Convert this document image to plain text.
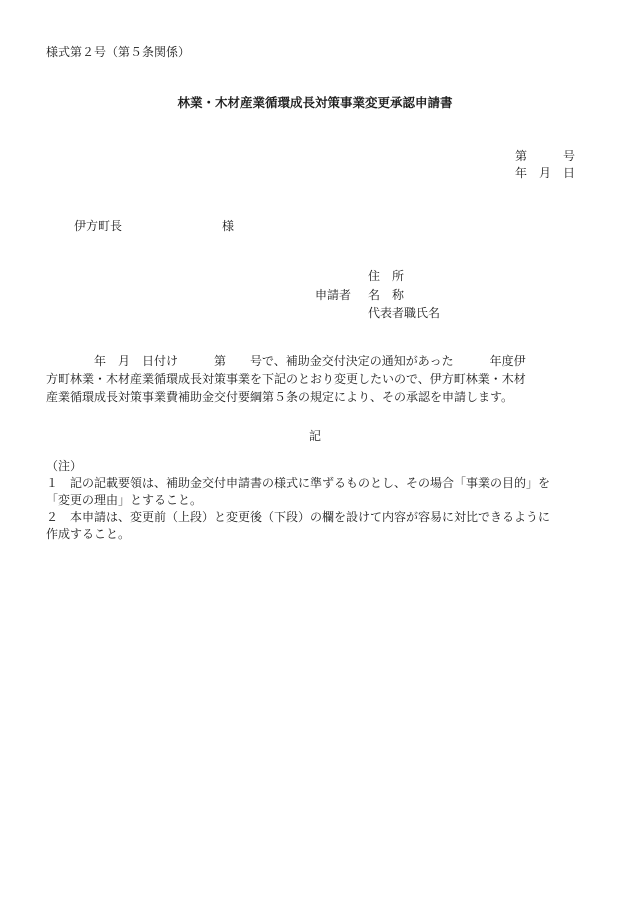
様式第２号（第５条関係）
林業・木材産業循環成長対策事業変更承認申請書
第　　　号
年　月　日
伊方町長	様
住　所
申請者 名　称
代表者職氏名
　　　　年　月　日付け　　　第　　号で、補助金交付決定の通知があった　　　年度伊
方町林業・木材産業循環成長対策事業を下記のとおり変更したいので、伊方町林業・木材
産業循環成長対策事業費補助金交付要綱第５条の規定により、その承認を申請します。
記
（注）
１　記の記載要領は、補助金交付申請書の様式に準ずるものとし、その場合「事業の目的」を
「変更の理由」とすること。
２　本申請は、変更前（上段）と変更後（下段）の欄を設けて内容が容易に対比できるように
作成すること。
